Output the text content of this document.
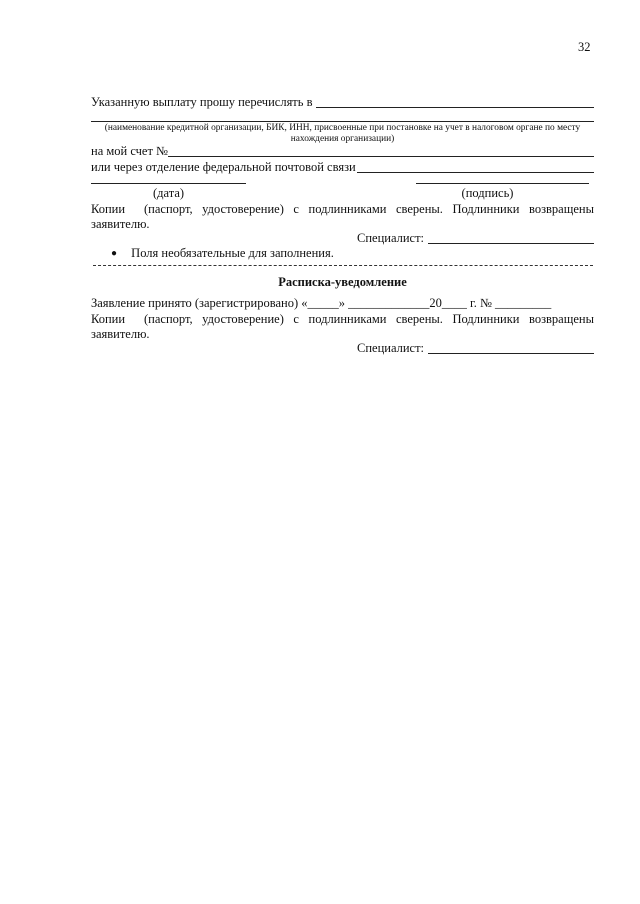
32
Указанную выплату прошу перечислять в
(наименование кредитной организации, БИК, ИНН, присвоенные при постановке на учет в налоговом органе по месту нахождения организации)
на мой счет №
или через отделение федеральной почтовой связи
(дата)	(подпись)
Копии (паспорт, удостоверение) с подлинниками сверены. Подлинники возвращены
заявителю.
Специалист:
● Поля необязательные для заполнения.
Расписка-уведомление
Заявление принято (зарегистрировано) «_____» _____________20____ г. № _________
Копии (паспорт, удостоверение) с подлинниками сверены. Подлинники возвращены
заявителю.
Специалист:
